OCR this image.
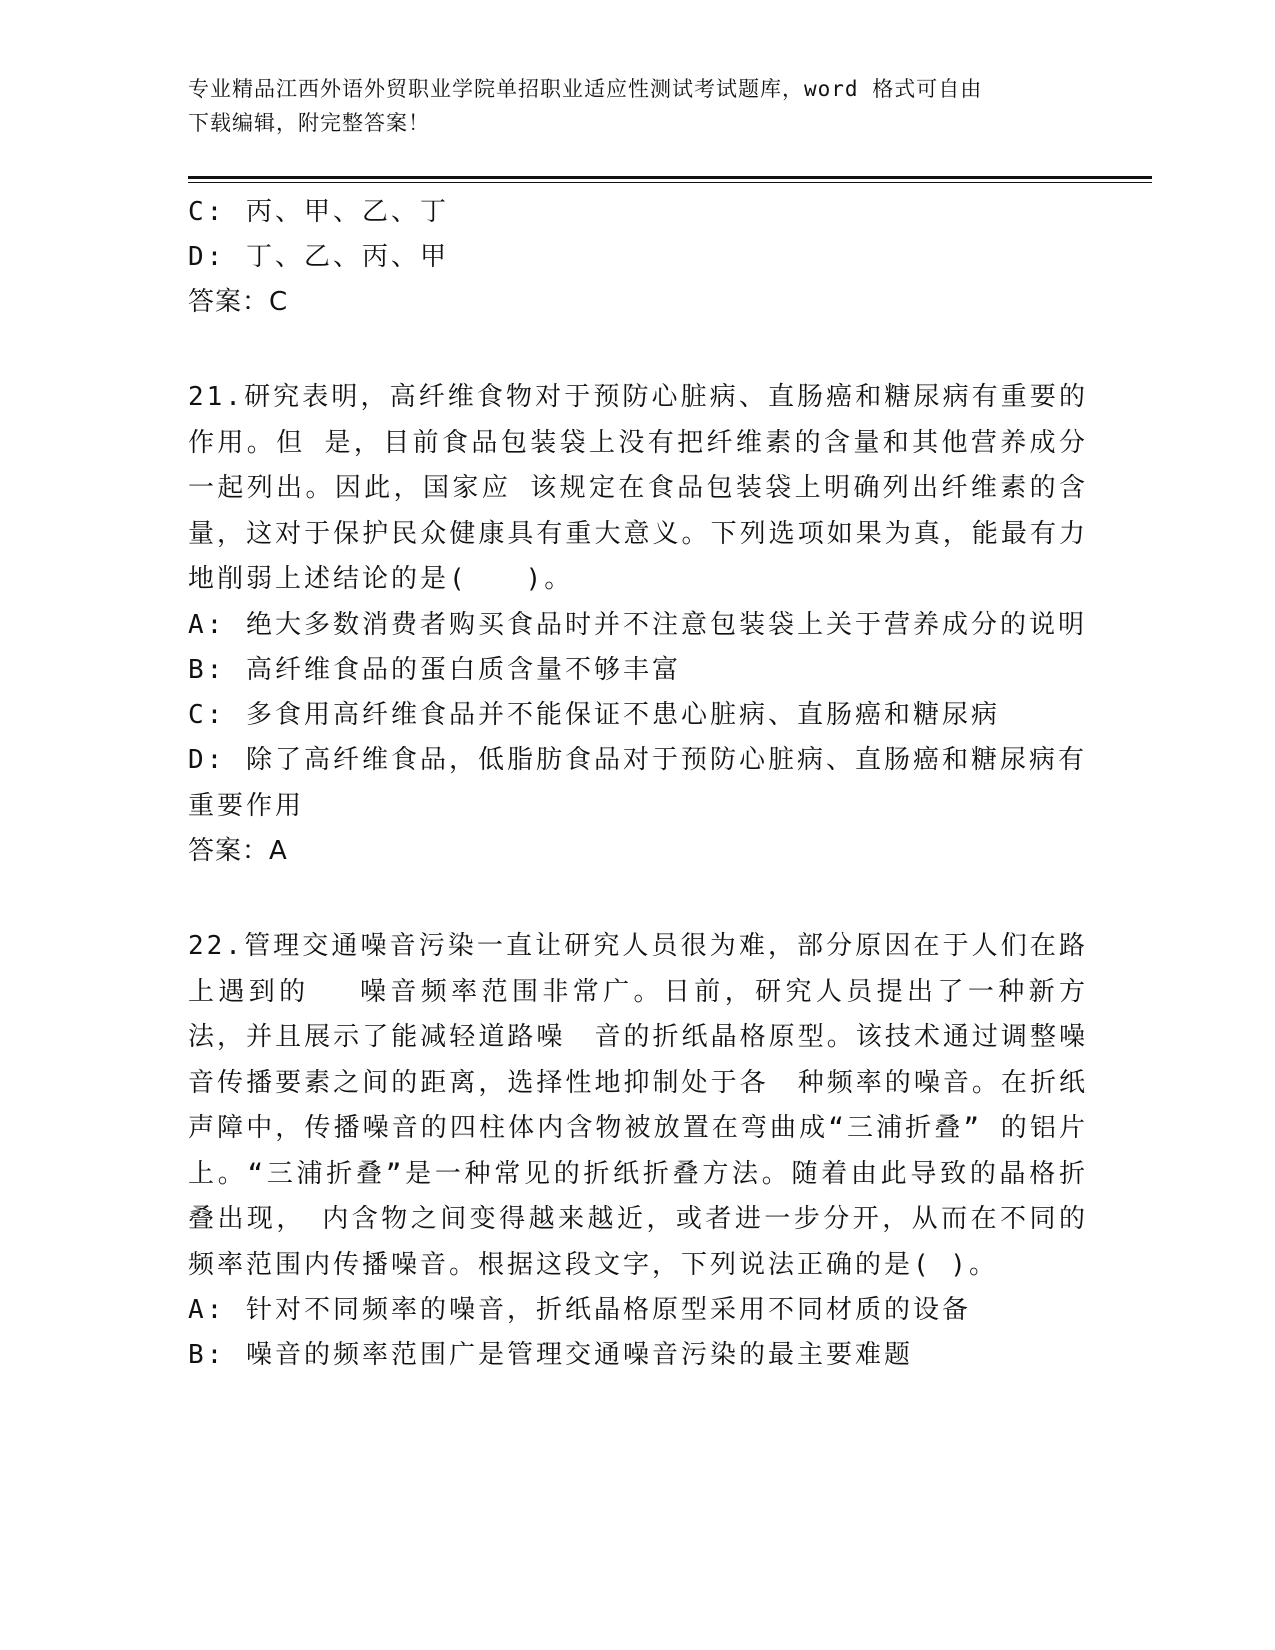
专业精品江西外语外贸职业学院单招职业适应性测试考试题库，word 格式可自由
下载编辑，附完整答案！
C: 丙、甲、乙、丁
D: 丁、乙、丙、甲
答案：C
21.研究表明，高纤维食物对于预防心脏病、直肠癌和糖尿病有重要的作用。但 是，目前食品包装袋上没有把纤维素的含量和其他营养成分一起列出。因此，国家应 该规定在食品包装袋上明确列出纤维素的含量，这对于保护民众健康具有重大意义。下列选项如果为真，能最有力地削弱上述结论的是(　　)。
A: 绝大多数消费者购买食品时并不注意包装袋上关于营养成分的说明
B: 高纤维食品的蛋白质含量不够丰富
C: 多食用高纤维食品并不能保证不患心脏病、直肠癌和糖尿病
D: 除了高纤维食品，低脂肪食品对于预防心脏病、直肠癌和糖尿病有重要作用
答案：A
22.管理交通噪音污染一直让研究人员很为难，部分原因在于人们在路上遇到的　 噪音频率范围非常广。日前，研究人员提出了一种新方法，并且展示了能减轻道路噪　音的折纸晶格原型。该技术通过调整噪音传播要素之间的距离，选择性地抑制处于各　种频率的噪音。在折纸声障中，传播噪音的四柱体内含物被放置在弯曲成“三浦折叠” 的铝片上。“三浦折叠”是一种常见的折纸折叠方法。随着由此导致的晶格折叠出现，　内含物之间变得越来越近，或者进一步分开，从而在不同的频率范围内传播噪音。根据这段文字，下列说法正确的是( )。
A: 针对不同频率的噪音，折纸晶格原型采用不同材质的设备
B: 噪音的频率范围广是管理交通噪音污染的最主要难题
